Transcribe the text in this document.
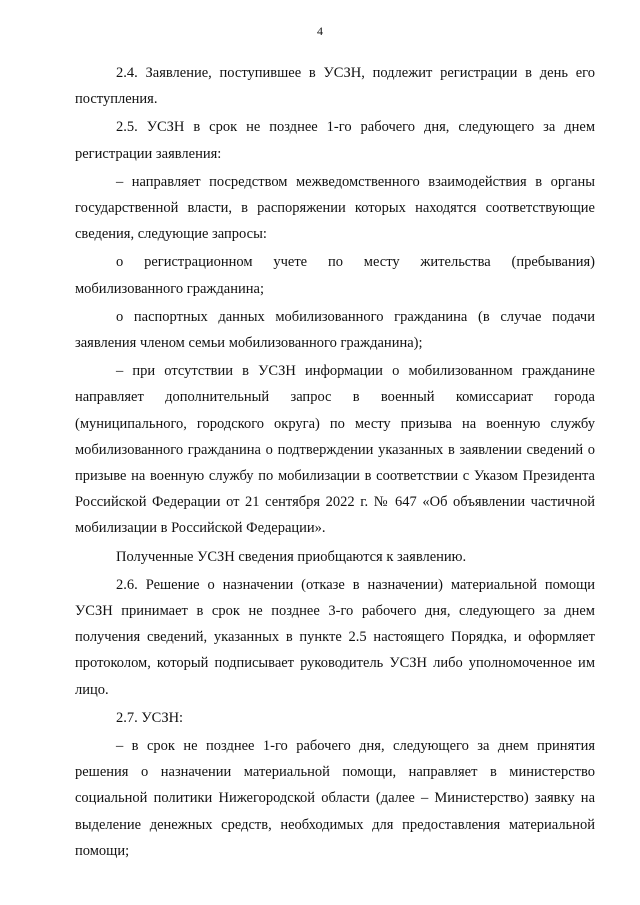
4

2.4. Заявление, поступившее в УСЗН, подлежит регистрации в день его поступления.

2.5. УСЗН в срок не позднее 1-го рабочего дня, следующего за днем регистрации заявления:

– направляет посредством межведомственного взаимодействия в органы государственной власти, в распоряжении которых находятся соответствующие сведения, следующие запросы:

о регистрационном учете по месту жительства (пребывания) мобилизованного гражданина;

о паспортных данных мобилизованного гражданина (в случае подачи заявления членом семьи мобилизованного гражданина);

– при отсутствии в УСЗН информации о мобилизованном гражданине направляет дополнительный запрос в военный комиссариат города (муниципального, городского округа) по месту призыва на военную службу мобилизованного гражданина о подтверждении указанных в заявлении сведений о призыве на военную службу по мобилизации в соответствии с Указом Президента Российской Федерации от 21 сентября 2022 г. № 647 «Об объявлении частичной мобилизации в Российской Федерации».

Полученные УСЗН сведения приобщаются к заявлению.

2.6. Решение о назначении (отказе в назначении) материальной помощи УСЗН принимает в срок не позднее 3-го рабочего дня, следующего за днем получения сведений, указанных в пункте 2.5 настоящего Порядка, и оформляет протоколом, который подписывает руководитель УСЗН либо уполномоченное им лицо.

2.7. УСЗН:

– в срок не позднее 1-го рабочего дня, следующего за днем принятия решения о назначении материальной помощи, направляет в министерство социальной политики Нижегородской области (далее – Министерство) заявку на выделение денежных средств, необходимых для предоставления материальной помощи;
